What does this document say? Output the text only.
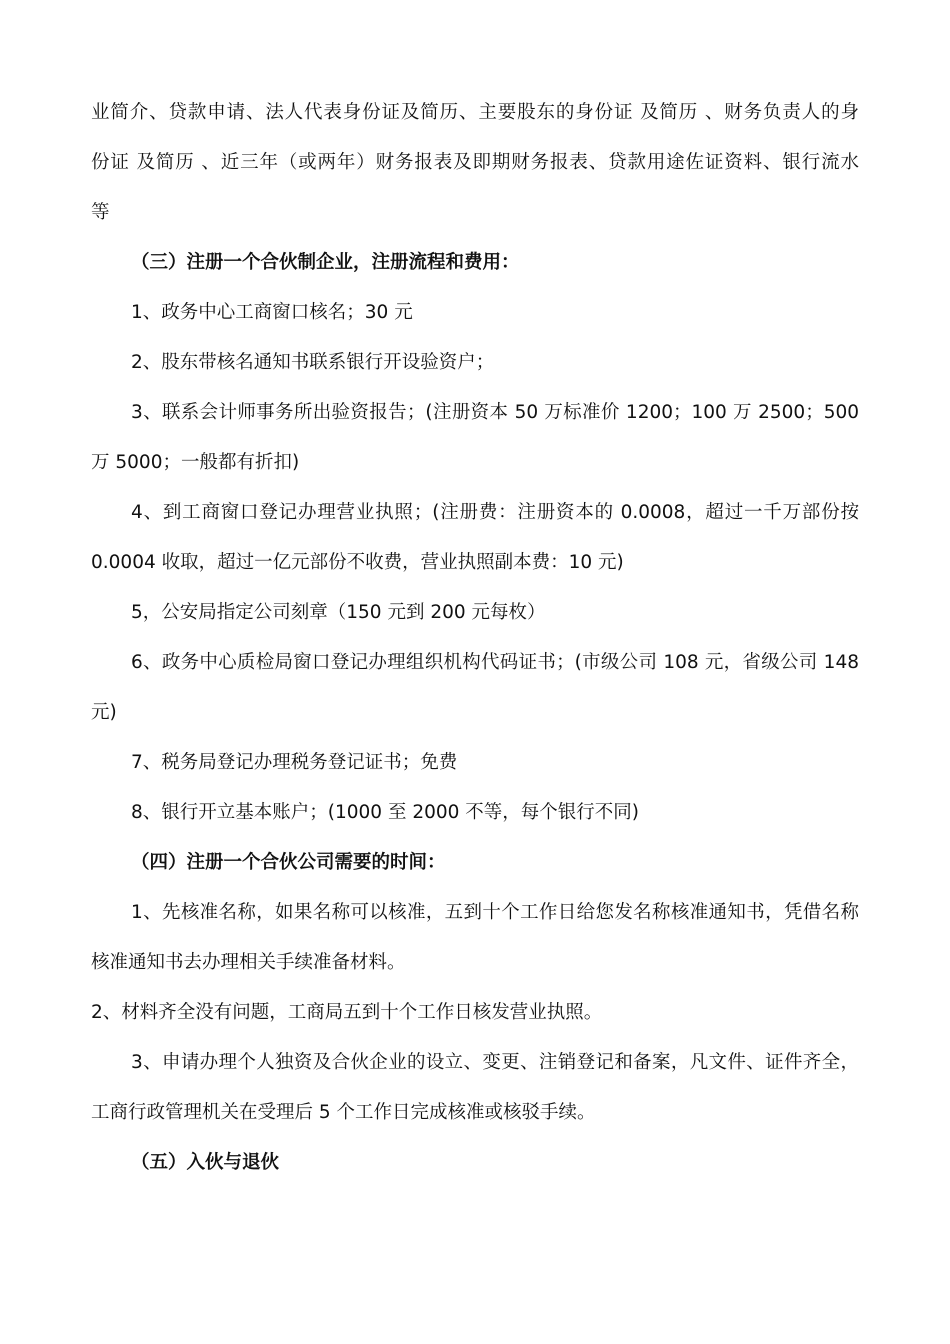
业简介、贷款申请、法人代表身份证及简历、主要股东的身份证 及简历 、财务负责人的身
份证 及简历 、近三年（或两年）财务报表及即期财务报表、贷款用途佐证资料、银行流水
等
（三）注册一个合伙制企业，注册流程和费用：
1、政务中心工商窗口核名；30 元
2、股东带核名通知书联系银行开设验资户；
3、联系会计师事务所出验资报告；(注册资本 50 万标准价 1200；100 万 2500；500
万 5000；一般都有折扣)
4、到工商窗口登记办理营业执照；(注册费：注册资本的 0.0008，超过一千万部份按
0.0004 收取，超过一亿元部份不收费，营业执照副本费：10 元)
5，公安局指定公司刻章（150 元到 200 元每枚）
6、政务中心质检局窗口登记办理组织机构代码证书；(市级公司 108 元，省级公司 148
元)
7、税务局登记办理税务登记证书；免费
8、银行开立基本账户；(1000 至 2000 不等，每个银行不同)
（四）注册一个合伙公司需要的时间：
1、先核准名称，如果名称可以核准，五到十个工作日给您发名称核准通知书，凭借名称
核准通知书去办理相关手续准备材料。
2、材料齐全没有问题，工商局五到十个工作日核发营业执照。
3、申请办理个人独资及合伙企业的设立、变更、注销登记和备案，凡文件、证件齐全，
工商行政管理机关在受理后 5 个工作日完成核准或核驳手续。
（五）入伙与退伙
